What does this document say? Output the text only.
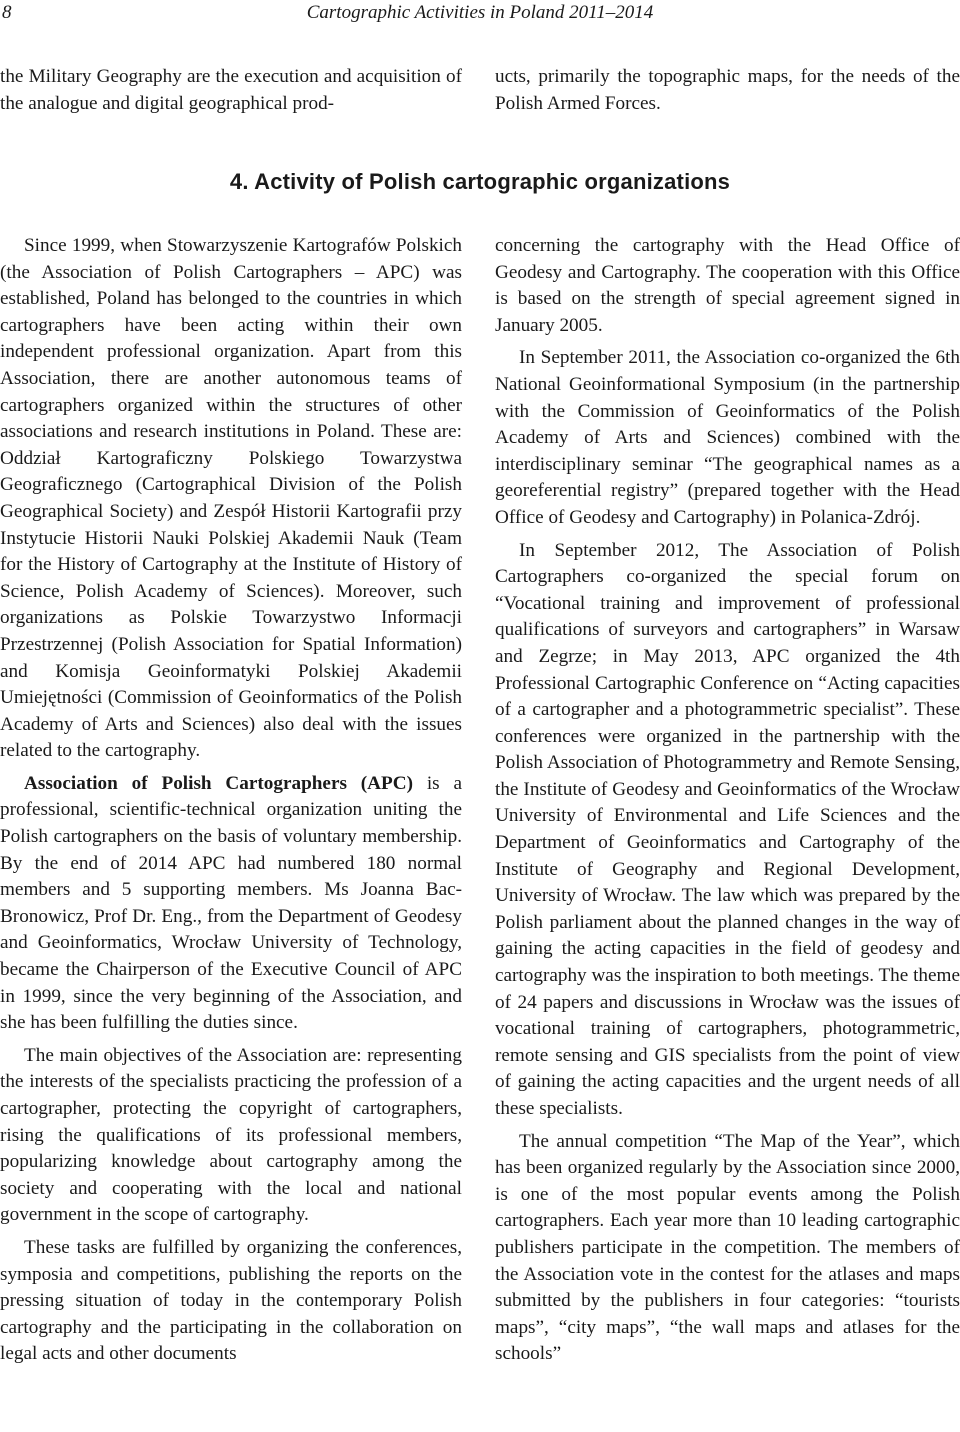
8	Cartographic Activities in Poland 2011–2014

the Military Geography are the execution and acquisition of the analogue and digital geographical prod-

ucts, primarily the topographic maps, for the needs of the Polish Armed Forces.

4. Activity of Polish cartographic organizations

Since 1999, when Stowarzyszenie Kartografów Polskich (the Association of Polish Cartographers – APC) was established, Poland has belonged to the countries in which cartographers have been acting within their own independent professional organization. Apart from this Association, there are another autonomous teams of cartographers organized within the structures of other associations and research institutions in Poland. These are: Oddział Kartograficzny Polskiego Towarzystwa Geograficznego (Cartographical Division of the Polish Geographical Society) and Zespół Historii Kartografii przy Instytucie Historii Nauki Polskiej Akademii Nauk (Team for the History of Cartography at the Institute of History of Science, Polish Academy of Sciences). Moreover, such organizations as Polskie Towarzystwo Informacji Przestrzennej (Polish Association for Spatial Information) and Komisja Geoinformatyki Polskiej Akademii Umiejętności (Commission of Geoinformatics of the Polish Academy of Arts and Sciences) also deal with the issues related to the cartography.

Association of Polish Cartographers (APC) is a professional, scientific-technical organization uniting the Polish cartographers on the basis of voluntary membership. By the end of 2014 APC had numbered 180 normal members and 5 supporting members. Ms Joanna Bac-Bronowicz, Prof Dr. Eng., from the Department of Geodesy and Geoinformatics, Wrocław University of Technology, became the Chairperson of the Executive Council of APC in 1999, since the very beginning of the Association, and she has been fulfilling the duties since.

The main objectives of the Association are: representing the interests of the specialists practicing the profession of a cartographer, protecting the copyright of cartographers, rising the qualifications of its professional members, popularizing knowledge about cartography among the society and cooperating with the local and national government in the scope of cartography.

These tasks are fulfilled by organizing the conferences, symposia and competitions, publishing the reports on the pressing situation of today in the contemporary Polish cartography and the participating in the collaboration on legal acts and other documents

concerning the cartography with the Head Office of Geodesy and Cartography. The cooperation with this Office is based on the strength of special agreement signed in January 2005.

In September 2011, the Association co-organized the 6th National Geoinformational Symposium (in the partnership with the Commission of Geoinformatics of the Polish Academy of Arts and Sciences) combined with the interdisciplinary seminar “The geographical names as a georeferential registry” (prepared together with the Head Office of Geodesy and Cartography) in Polanica-Zdrój.

In September 2012, The Association of Polish Cartographers co-organized the special forum on “Vocational training and improvement of professional qualifications of surveyors and cartographers” in Warsaw and Zegrze; in May 2013, APC organized the 4th Professional Cartographic Conference on “Acting capacities of a cartographer and a photogrammetric specialist”. These conferences were organized in the partnership with the Polish Association of Photogrammetry and Remote Sensing, the Institute of Geodesy and Geoinformatics of the Wrocław University of Environmental and Life Sciences and the Department of Geoinformatics and Cartography of the Institute of Geography and Regional Development, University of Wrocław. The law which was prepared by the Polish parliament about the planned changes in the way of gaining the acting capacities in the field of geodesy and cartography was the inspiration to both meetings. The theme of 24 papers and discussions in Wrocław was the issues of vocational training of cartographers, photogrammetric, remote sensing and GIS specialists from the point of view of gaining the acting capacities and the urgent needs of all these specialists.

The annual competition “The Map of the Year”, which has been organized regularly by the Association since 2000, is one of the most popular events among the Polish cartographers. Each year more than 10 leading cartographic publishers participate in the competition. The members of the Association vote in the contest for the atlases and maps submitted by the publishers in four categories: “tourists maps”, “city maps”, “the wall maps and atlases for the schools”
